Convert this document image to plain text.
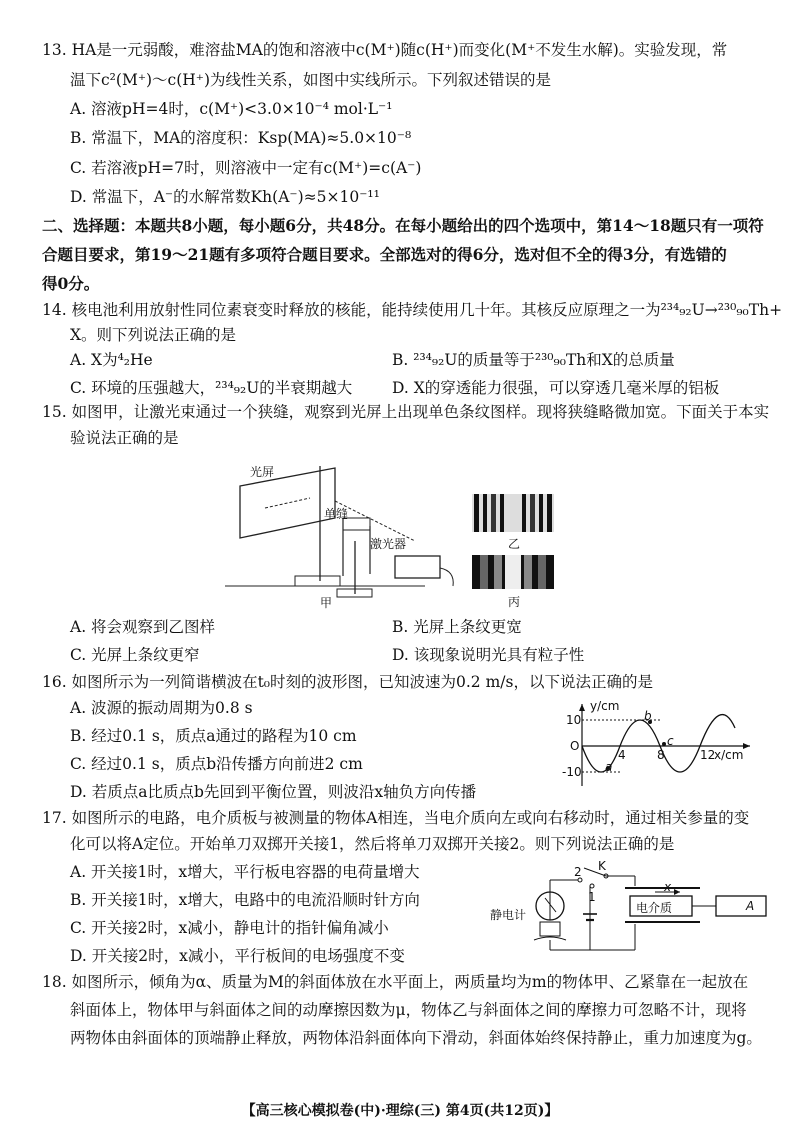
13. HA是一元弱酸，难溶盐MA的饱和溶液中c(M⁺)随c(H⁺)而变化(M⁺不发生水解)。实验发现，常
温下c²(M⁺)～c(H⁺)为线性关系，如图中实线所示。下列叙述错误的是
A. 溶液pH=4时，c(M⁺)<3.0×10⁻⁴ mol·L⁻¹
B. 常温下，MA的溶度积：Ksp(MA)≈5.0×10⁻⁸
C. 若溶液pH=7时，则溶液中一定有c(M⁺)=c(A⁻)
D. 常温下，A⁻的水解常数Kh(A⁻)≈5×10⁻¹¹
二、选择题：本题共8小题，每小题6分，共48分。在每小题给出的四个选项中，第14～18题只有一项符
合题目要求，第19～21题有多项符合题目要求。全部选对的得6分，选对但不全的得3分，有选错的
得0分。
14. 核电池利用放射性同位素衰变时释放的核能，能持续使用几十年。其核反应原理之一为²³⁴₉₂U→²³⁰₉₀Th+
X。则下列说法正确的是
A. X为⁴₂He	B. ²³⁴₉₂U的质量等于²³⁰₉₀Th和X的总质量
C. 环境的压强越大，²³⁴₉₂U的半衰期越大	D. X的穿透能力很强，可以穿透几毫米厚的铝板
15. 如图甲，让激光束通过一个狭缝，观察到光屏上出现单色条纹图样。现将狭缝略微加宽。下面关于本实
验说法正确的是
光屏
单缝
激光器
甲
乙
丙
A. 将会观察到乙图样	B. 光屏上条纹更宽
C. 光屏上条纹更窄	D. 该现象说明光具有粒子性
16. 如图所示为一列简谐横波在t₀时刻的波形图，已知波速为0.2 m/s，以下说法正确的是
A. 波源的振动周期为0.8 s
B. 经过0.1 s，质点a通过的路程为10 cm
C. 经过0.1 s，质点b沿传播方向前进2 cm
D. 若质点a比质点b先回到平衡位置，则波沿x轴负方向传播
y/cm
10
O
-10
4	8	12
x/cm
b
c
a
17. 如图所示的电路，电介质板与被测量的物体A相连，当电介质向左或向右移动时，通过相关参量的变
化可以将A定位。开始单刀双掷开关接1，然后将单刀双掷开关接2。则下列说法正确的是
A. 开关接1时，x增大，平行板电容器的电荷量增大
B. 开关接1时，x增大，电路中的电流沿顺时针方向
C. 开关接2时，x减小，静电计的指针偏角减小
D. 开关接2时，x减小，平行板间的电场强度不变
静电计	电介质	A
K
2
1
x
18. 如图所示，倾角为α、质量为M的斜面体放在水平面上，两质量均为m的物体甲、乙紧靠在一起放在
斜面体上，物体甲与斜面体之间的动摩擦因数为μ，物体乙与斜面体之间的摩擦力可忽略不计，现将
两物体由斜面体的顶端静止释放，两物体沿斜面体向下滑动，斜面体始终保持静止，重力加速度为g。
【高三核心模拟卷(中)·理综(三) 第4页(共12页)】
